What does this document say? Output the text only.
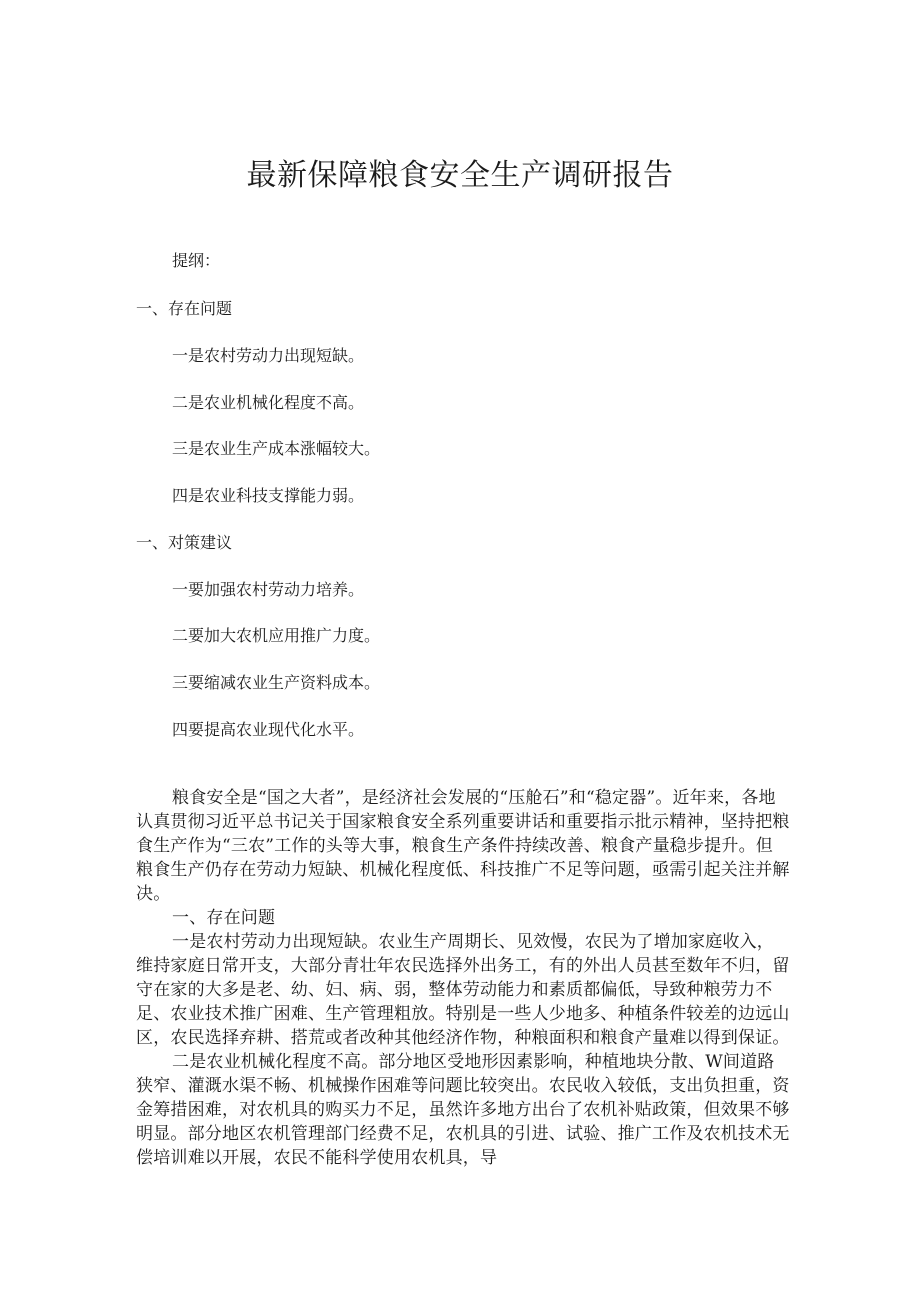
最新保障粮食安全生产调研报告
提纲：
一、存在问题
一是农村劳动力出现短缺。
二是农业机械化程度不高。
三是农业生产成本涨幅较大。
四是农业科技支撑能力弱。
一、对策建议
一要加强农村劳动力培养。
二要加大农机应用推广力度。
三要缩减农业生产资料成本。
四要提高农业现代化水平。

粮食安全是“国之大者”，是经济社会发展的“压舱石”和“稳定器”。近年来，各地认真贯彻习近平总书记关于国家粮食安全系列重要讲话和重要指示批示精神，坚持把粮食生产作为“三农”工作的头等大事，粮食生产条件持续改善、粮食产量稳步提升。但粮食生产仍存在劳动力短缺、机械化程度低、科技推广不足等问题，亟需引起关注并解决。

一、存在问题

一是农村劳动力出现短缺。农业生产周期长、见效慢，农民为了增加家庭收入，维持家庭日常开支，大部分青壮年农民选择外出务工，有的外出人员甚至数年不归，留守在家的大多是老、幼、妇、病、弱，整体劳动能力和素质都偏低，导致种粮劳力不足、农业技术推广困难、生产管理粗放。特别是一些人少地多、种植条件较差的边远山区，农民选择弃耕、搭荒或者改种其他经济作物，种粮面积和粮食产量难以得到保证。

二是农业机械化程度不高。部分地区受地形因素影响，种植地块分散、W间道路狭窄、灌溉水渠不畅、机械操作困难等问题比较突出。农民收入较低，支出负担重，资金筹措困难，对农机具的购买力不足，虽然许多地方出台了农机补贴政策，但效果不够明显。部分地区农机管理部门经费不足，农机具的引进、试验、推广工作及农机技术无偿培训难以开展，农民不能科学使用农机具，导
